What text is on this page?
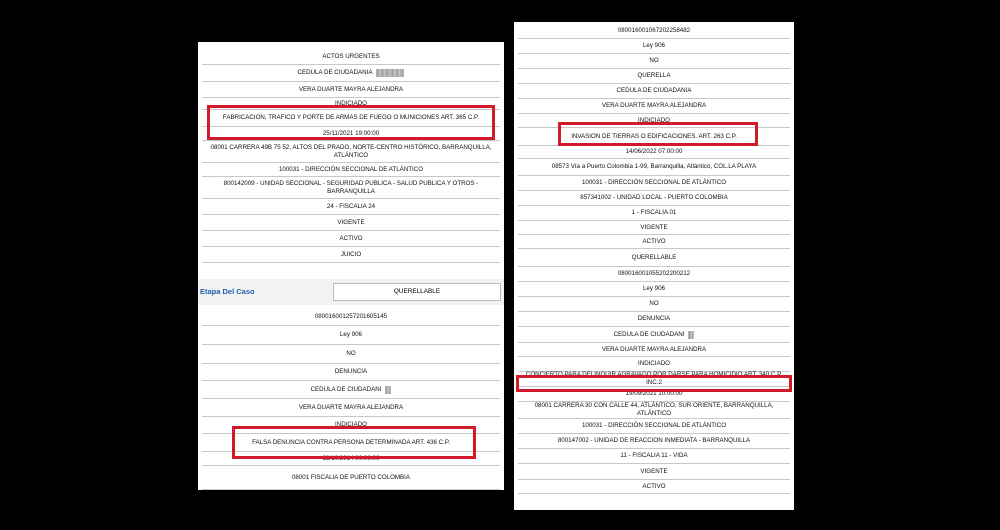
ACTOS URGENTES
CEDULA DE CIUDADANIA
VERA DUARTE MAYRA ALEJANDRA
INDICIADO
FABRICACION, TRAFICO Y PORTE DE ARMAS DE FUEGO O MUNICIONES ART. 365 C.P.
25/11/2021 19:00:00
08001 CARRERA 49B 75 52, ALTOS DEL PRADO, NORTE-CENTRO HISTÓRICO, BARRANQUILLA, ATLÁNTICO
100031 - DIRECCIÓN SECCIONAL DE ATLÁNTICO
800142009 - UNIDAD SECCIONAL - SEGURIDAD PUBLICA - SALUD PUBLICA Y OTROS - BARRANQUILLA
24 - FISCALIA 24
VIGENTE
ACTIVO
JUICIO
Etapa Del Caso	QUERELLABLE
080016001257201605145
Ley 906
NO
DENUNCIA
CEDULA DE CIUDADANI
VERA DUARTE MAYRA ALEJANDRA
INDICIADO
FALSA DENUNCIA CONTRA PERSONA DETERMINADA ART. 436 C.P.
22/10/2014 00:00:00
08001 FISCALIA DE PUERTO COLOMBIA
080016001067202258482
Ley 906
NO
QUERELLA
CEDULA DE CIUDADANIA
VERA DUARTE MAYRA ALEJANDRA
INDICIADO
INVASION DE TIERRAS O EDIFICACIONES. ART. 263 C.P.
14/06/2022 07:00:00
08573 Vía a Puerto Colombia 1-99, Barranquilla, Atlántico, COL.LA PLAYA
100031 - DIRECCIÓN SECCIONAL DE ATLÁNTICO
857341002 - UNIDAD LOCAL - PUERTO COLOMBIA
1 - FISCALIA 01
VIGENTE
ACTIVO
QUERELLABLE
080016001055202200212
Ley 906
NO
DENUNCIA
CEDULA DE CIUDADANI
VERA DUARTE MAYRA ALEJANDRA
INDICIADO
CONCIERTO PARA DELINQUIR AGRAVADO POR DARSE PARA HOMICIDIO ART. 340 C.P. INC.2
19/09/2021 10:00:00
08001 CARRERA 30 CON CALLE 44, ATLÁNTICO, SUR ORIENTE, BARRANQUILLA, ATLÁNTICO
100031 - DIRECCIÓN SECCIONAL DE ATLÁNTICO
800147002 - UNIDAD DE REACCION INMEDIATA - BARRANQUILLA
11 - FISCALIA 11 - VIDA
VIGENTE
ACTIVO
